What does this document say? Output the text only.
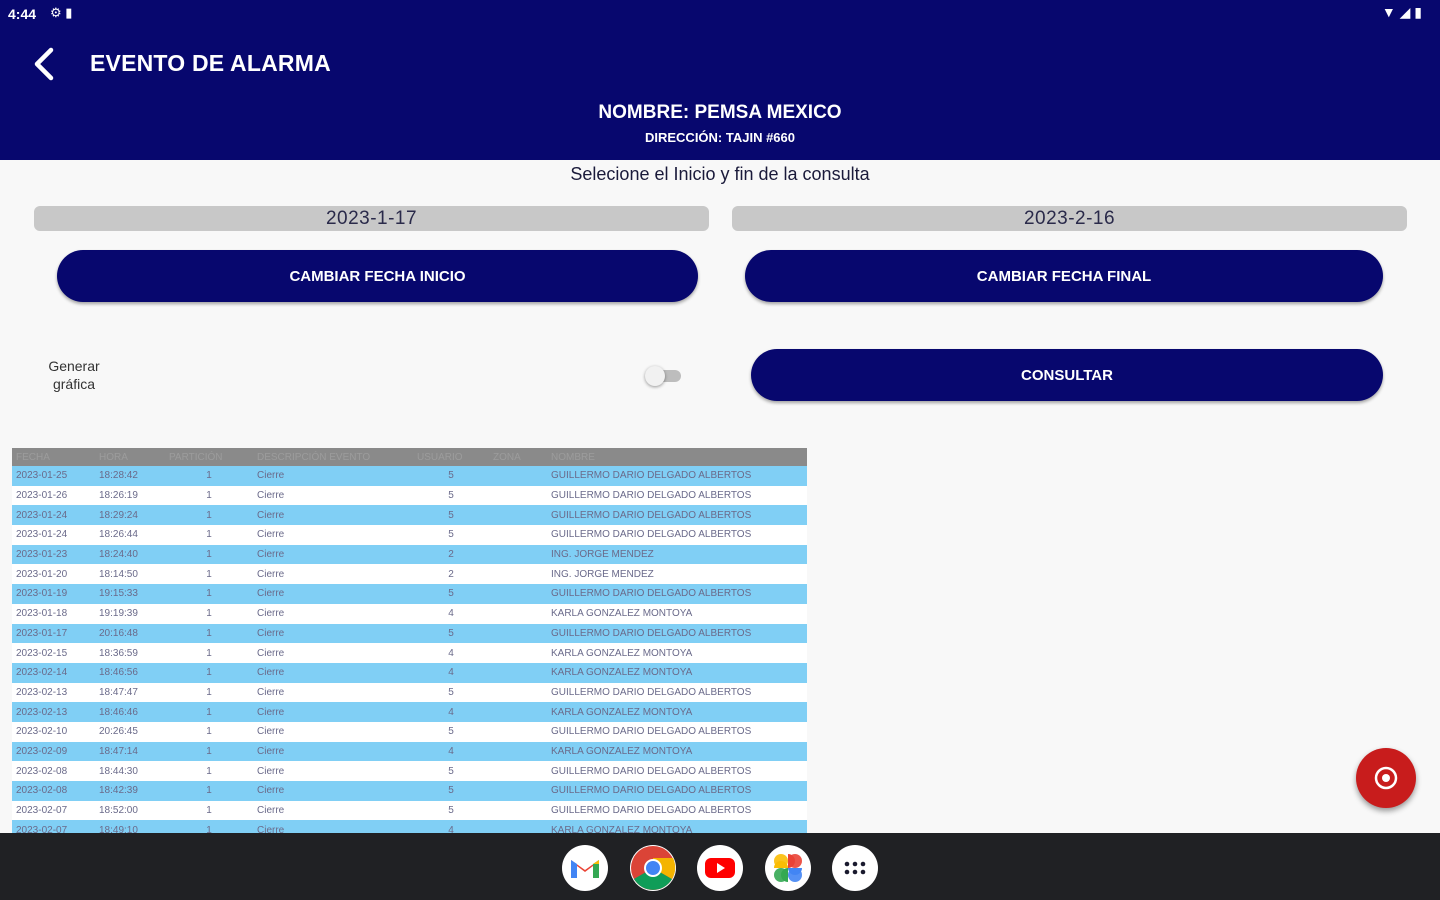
4:44 ⚙ ▮	▼ ◢ ▮
EVENTO DE ALARMA
NOMBRE: PEMSA MEXICO
DIRECCIÓN: TAJIN #660
Selecione el Inicio y fin de la consulta
2023-1-17	2023-2-16
CAMBIAR FECHA INICIO	CAMBIAR FECHA FINAL
Generar
gráfica
CONSULTAR
FECHA	HORA	PARTICIÓN	DESCRIPCIÓN EVENTO	USUARIO	ZONA	NOMBRE
2023-01-25	18:28:42	1	Cierre	5		GUILLERMO DARIO DELGADO ALBERTOS
2023-01-26	18:26:19	1	Cierre	5		GUILLERMO DARIO DELGADO ALBERTOS
2023-01-24	18:29:24	1	Cierre	5		GUILLERMO DARIO DELGADO ALBERTOS
2023-01-24	18:26:44	1	Cierre	5		GUILLERMO DARIO DELGADO ALBERTOS
2023-01-23	18:24:40	1	Cierre	2		ING. JORGE MENDEZ
2023-01-20	18:14:50	1	Cierre	2		ING. JORGE MENDEZ
2023-01-19	19:15:33	1	Cierre	5		GUILLERMO DARIO DELGADO ALBERTOS
2023-01-18	19:19:39	1	Cierre	4		KARLA GONZALEZ MONTOYA
2023-01-17	20:16:48	1	Cierre	5		GUILLERMO DARIO DELGADO ALBERTOS
2023-02-15	18:36:59	1	Cierre	4		KARLA GONZALEZ MONTOYA
2023-02-14	18:46:56	1	Cierre	4		KARLA GONZALEZ MONTOYA
2023-02-13	18:47:47	1	Cierre	5		GUILLERMO DARIO DELGADO ALBERTOS
2023-02-13	18:46:46	1	Cierre	4		KARLA GONZALEZ MONTOYA
2023-02-10	20:26:45	1	Cierre	5		GUILLERMO DARIO DELGADO ALBERTOS
2023-02-09	18:47:14	1	Cierre	4		KARLA GONZALEZ MONTOYA
2023-02-08	18:44:30	1	Cierre	5		GUILLERMO DARIO DELGADO ALBERTOS
2023-02-08	18:42:39	1	Cierre	5		GUILLERMO DARIO DELGADO ALBERTOS
2023-02-07	18:52:00	1	Cierre	5		GUILLERMO DARIO DELGADO ALBERTOS
2023-02-07	18:49:10	1	Cierre	4		KARLA GONZALEZ MONTOYA
